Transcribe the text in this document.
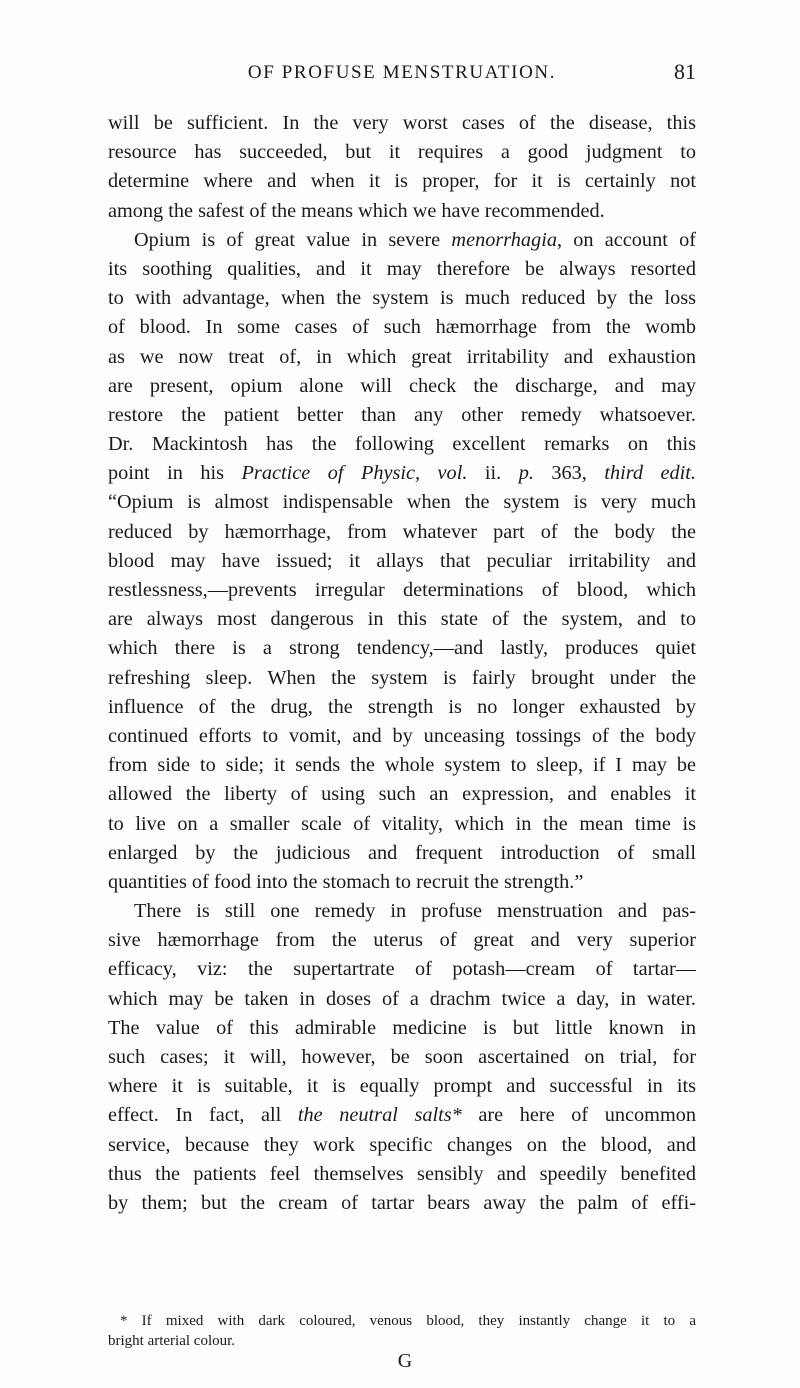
OF PROFUSE MENSTRUATION.	81
will be sufficient. In the very worst cases of the disease, this
resource has succeeded, but it requires a good judgment to
determine where and when it is proper, for it is certainly not
among the safest of the means which we have recommended.
Opium is of great value in severe menorrhagia, on account of
its soothing qualities, and it may therefore be always resorted
to with advantage, when the system is much reduced by the loss
of blood. In some cases of such hæmorrhage from the womb
as we now treat of, in which great irritability and exhaustion
are present, opium alone will check the discharge, and may
restore the patient better than any other remedy whatsoever.
Dr. Mackintosh has the following excellent remarks on this
point in his Practice of Physic, vol. ii. p. 363, third edit.
“Opium is almost indispensable when the system is very much
reduced by hæmorrhage, from whatever part of the body the
blood may have issued; it allays that peculiar irritability and
restlessness,—prevents irregular determinations of blood, which
are always most dangerous in this state of the system, and to
which there is a strong tendency,—and lastly, produces quiet
refreshing sleep. When the system is fairly brought under the
influence of the drug, the strength is no longer exhausted by
continued efforts to vomit, and by unceasing tossings of the body
from side to side; it sends the whole system to sleep, if I may be
allowed the liberty of using such an expression, and enables it
to live on a smaller scale of vitality, which in the mean time is
enlarged by the judicious and frequent introduction of small
quantities of food into the stomach to recruit the strength.”
There is still one remedy in profuse menstruation and pas-
sive hæmorrhage from the uterus of great and very superior
efficacy, viz: the supertartrate of potash—cream of tartar—
which may be taken in doses of a drachm twice a day, in water.
The value of this admirable medicine is but little known in
such cases; it will, however, be soon ascertained on trial, for
where it is suitable, it is equally prompt and successful in its
effect. In fact, all the neutral salts* are here of uncommon
service, because they work specific changes on the blood, and
thus the patients feel themselves sensibly and speedily benefited
by them; but the cream of tartar bears away the palm of effi-
* If mixed with dark coloured, venous blood, they instantly change it to a
bright arterial colour.
G
